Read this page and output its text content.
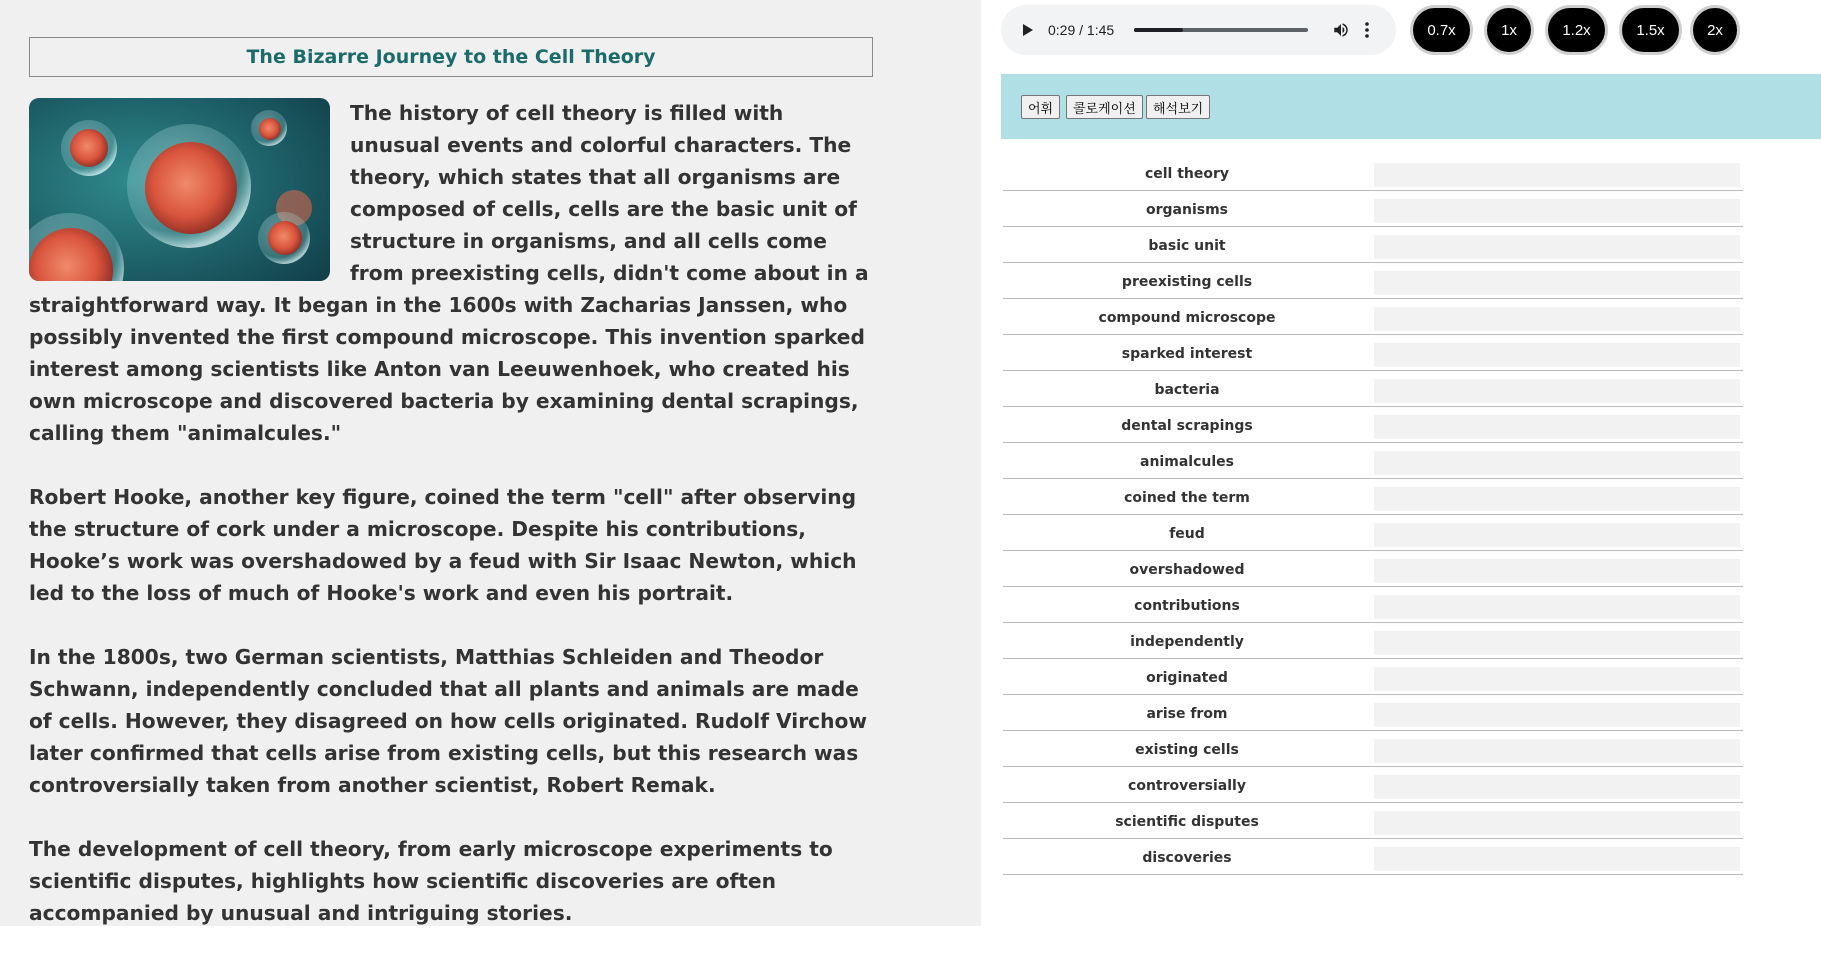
The Bizarre Journey to the Cell Theory

The history of cell theory is filled with unusual events and colorful characters. The theory, which states that all organisms are composed of cells, cells are the basic unit of structure in organisms, and all cells come from preexisting cells, didn't come about in a straightforward way. It began in the 1600s with Zacharias Janssen, who possibly invented the first compound microscope. This invention sparked interest among scientists like Anton van Leeuwenhoek, who created his own microscope and discovered bacteria by examining dental scrapings, calling them "animalcules."

Robert Hooke, another key figure, coined the term "cell" after observing the structure of cork under a microscope. Despite his contributions, Hooke’s work was overshadowed by a feud with Sir Isaac Newton, which led to the loss of much of Hooke's work and even his portrait.

In the 1800s, two German scientists, Matthias Schleiden and Theodor Schwann, independently concluded that all plants and animals are made of cells. However, they disagreed on how cells originated. Rudolf Virchow later confirmed that cells arise from existing cells, but this research was controversially taken from another scientist, Robert Remak.

The development of cell theory, from early microscope experiments to scientific disputes, highlights how scientific discoveries are often accompanied by unusual and intriguing stories.

0:29 / 1:45	0.7x	1x	1.2x	1.5x	2x
어휘	콜로케이션	해석보기
cell theory	

organisms	

basic unit	

preexisting cells	

compound microscope	

sparked interest	

bacteria	

dental scrapings	

animalcules	

coined the term	

feud	

overshadowed	

contributions	

independently	

originated	

arise from	

existing cells	

controversially	

scientific disputes	

discoveries	
